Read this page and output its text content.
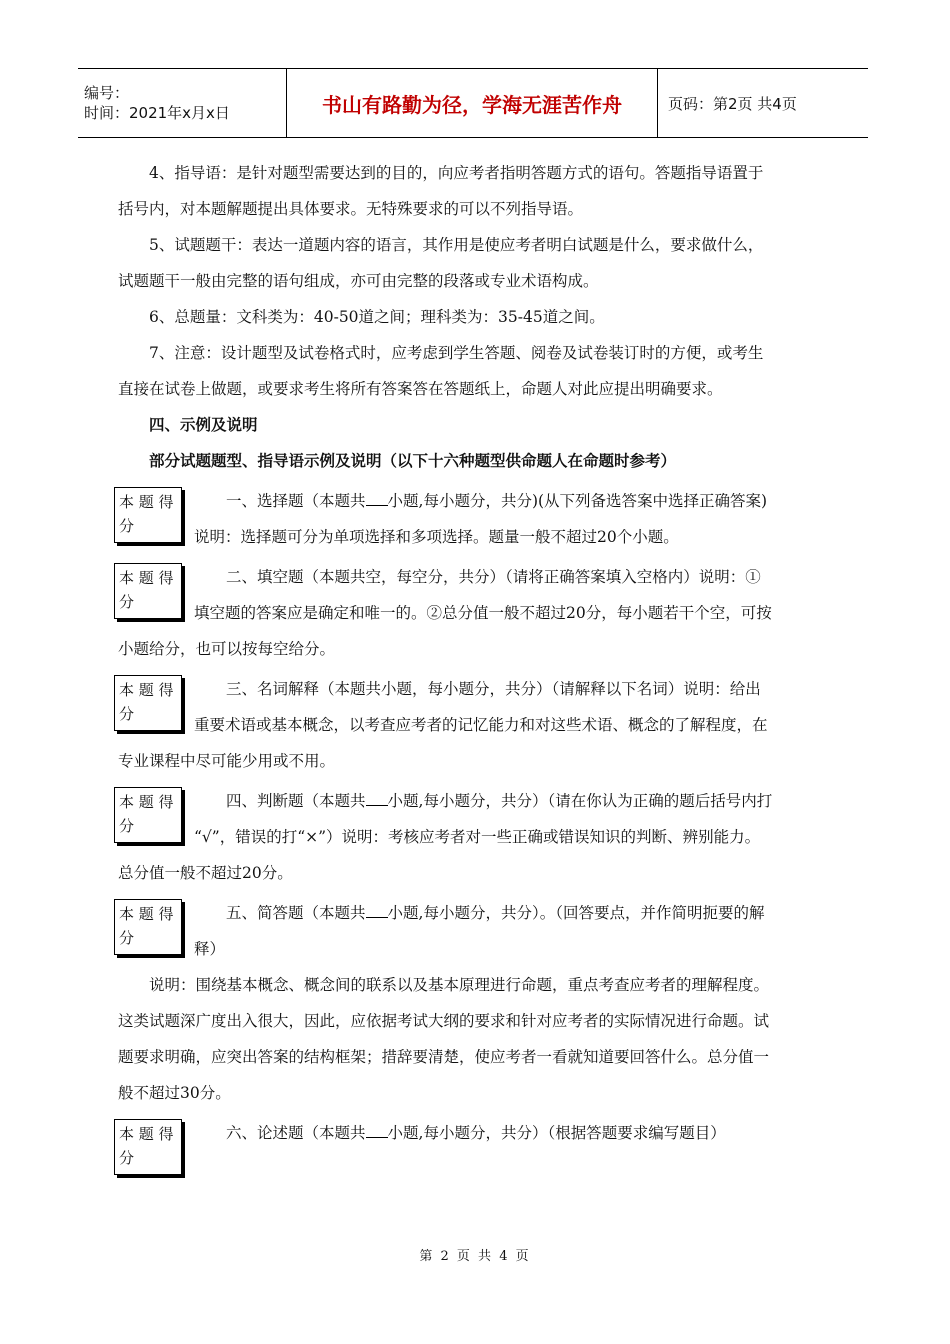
编号：
时间：2021年x月x日	书山有路勤为径，学海无涯苦作舟	页码：第2页 共4页

4、指导语：是针对题型需要达到的目的，向应考者指明答题方式的语句。答题指导语置于

括号内，对本题解题提出具体要求。无特殊要求的可以不列指导语。

5、试题题干：表达一道题内容的语言，其作用是使应考者明白试题是什么，要求做什么，

试题题干一般由完整的语句组成，亦可由完整的段落或专业术语构成。

6、总题量：文科类为：40-50道之间；理科类为：35-45道之间。

7、注意：设计题型及试卷格式时，应考虑到学生答题、阅卷及试卷装订时的方便，或考生

直接在试卷上做题，或要求考生将所有答案答在答题纸上，命题人对此应提出明确要求。

四、示例及说明

部分试题题型、指导语示例及说明（以下十六种题型供命题人在命题时参考）

本 题 得
分

一、选择题（本题共 小题,每小题分，共分)(从下列备选答案中选择正确答案)

说明：选择题可分为单项选择和多项选择。题量一般不超过20个小题。

本 题 得
分

二、填空题（本题共空，每空分，共分）（请将正确答案填入空格内）说明：①

填空题的答案应是确定和唯一的。②总分值一般不超过20分，每小题若干个空，可按

小题给分，也可以按每空给分。

本 题 得
分

三、名词解释（本题共小题，每小题分，共分）（请解释以下名词）说明：给出

重要术语或基本概念，以考查应考者的记忆能力和对这些术语、概念的了解程度，在

专业课程中尽可能少用或不用。

本 题 得
分

四、判断题（本题共 小题,每小题分，共分）（请在你认为正确的题后括号内打

“√”，错误的打“×”）说明：考核应考者对一些正确或错误知识的判断、辨别能力。

总分值一般不超过20分。

本 题 得
分

五、简答题（本题共 小题,每小题分，共分）。（回答要点，并作简明扼要的解

释）

说明：围绕基本概念、概念间的联系以及基本原理进行命题，重点考查应考者的理解程度。

这类试题深广度出入很大，因此，应依据考试大纲的要求和针对应考者的实际情况进行命题。试

题要求明确，应突出答案的结构框架；措辞要清楚，使应考者一看就知道要回答什么。总分值一

般不超过30分。

本 题 得
分

六、论述题（本题共 小题,每小题分，共分）（根据答题要求编写题目）

第 2 页 共 4 页
